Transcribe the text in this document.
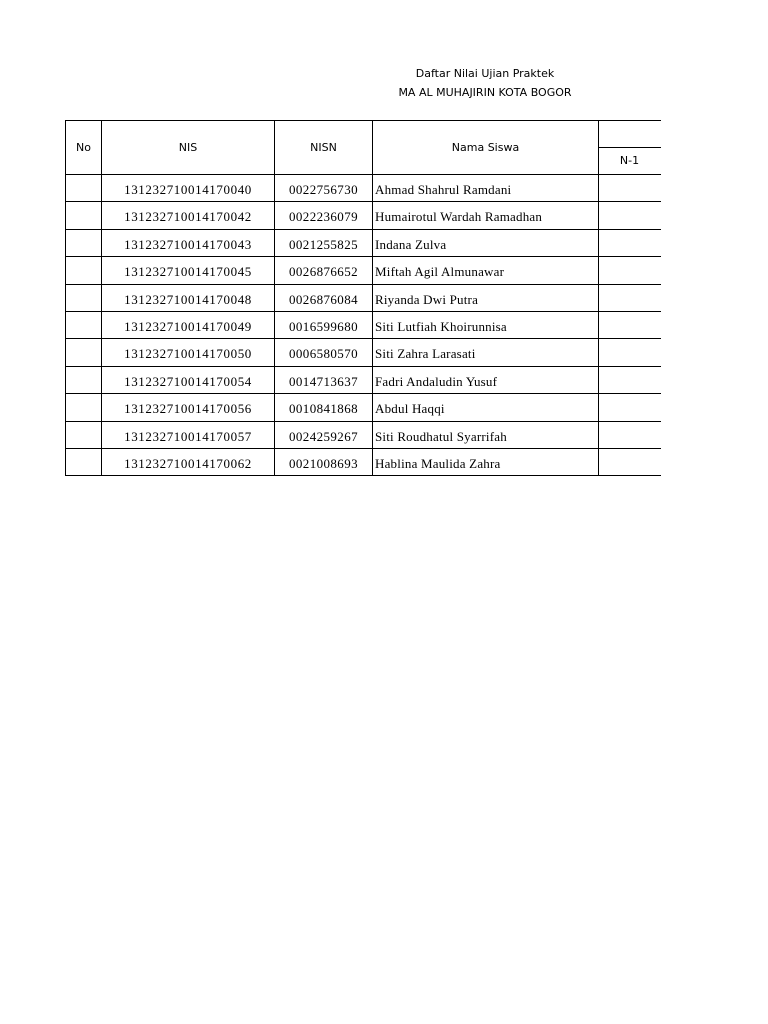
Daftar Nilai Ujian Praktek
MA AL MUHAJIRIN KOTA BOGOR
No	NIS	NISN	Nama Siswa
N-1
131232710014170040	0022756730	Ahmad Shahrul Ramdani
131232710014170042	0022236079	Humairotul Wardah Ramadhan
131232710014170043	0021255825	Indana Zulva
131232710014170045	0026876652	Miftah Agil Almunawar
131232710014170048	0026876084	Riyanda Dwi Putra
131232710014170049	0016599680	Siti Lutfiah Khoirunnisa
131232710014170050	0006580570	Siti Zahra Larasati
131232710014170054	0014713637	Fadri Andaludin Yusuf
131232710014170056	0010841868	Abdul Haqqi
131232710014170057	0024259267	Siti Roudhatul Syarrifah
131232710014170062	0021008693	Hablina Maulida Zahra
